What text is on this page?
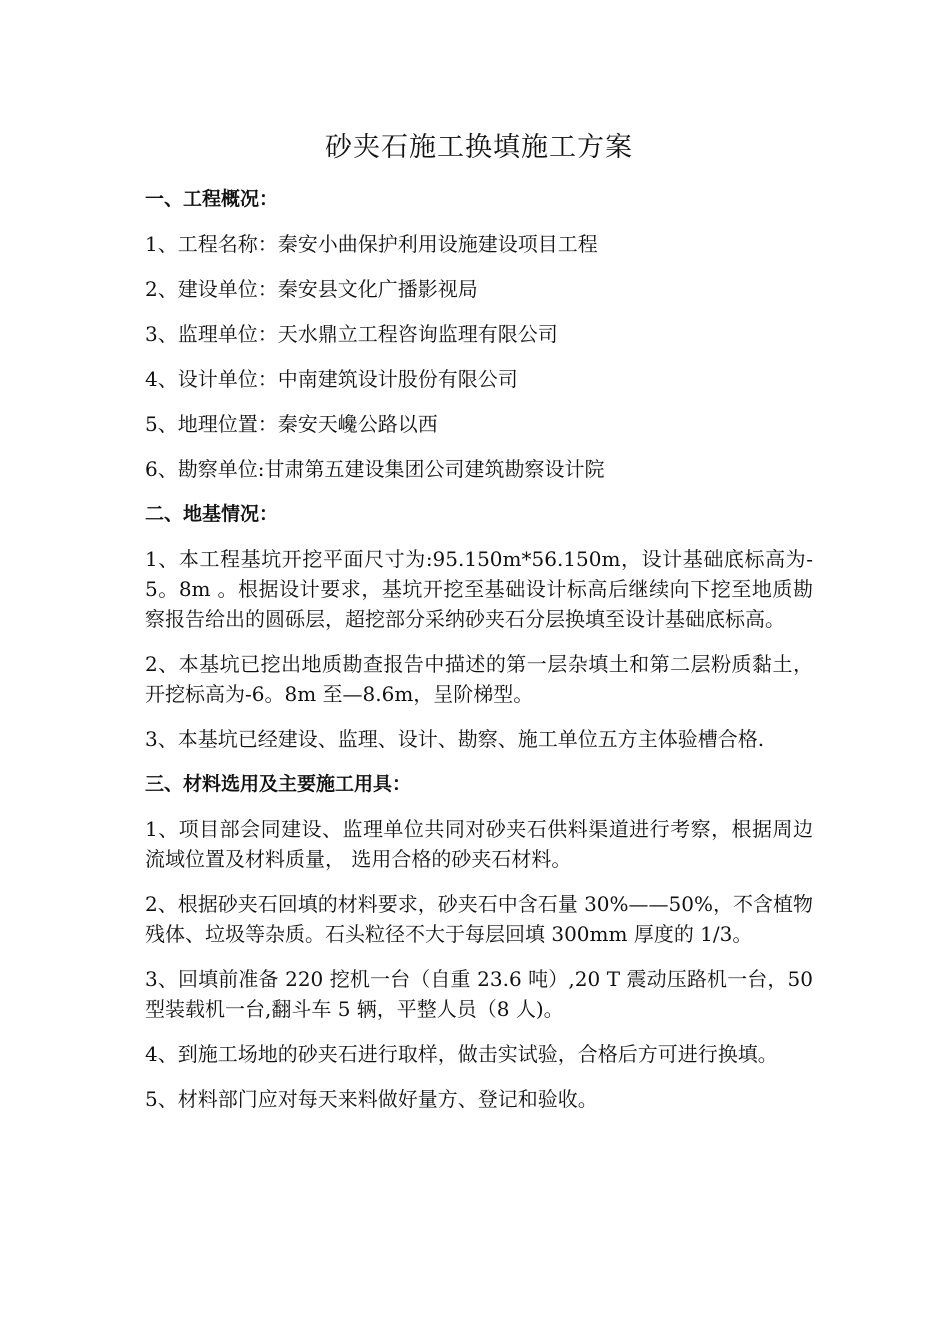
砂夹石施工换填施工方案
一、工程概况：
1、工程名称：秦安小曲保护利用设施建设项目工程
2、建设单位：秦安县文化广播影视局
3、监理单位：天水鼎立工程咨询监理有限公司
4、设计单位：中南建筑设计股份有限公司
5、地理位置：秦安天巉公路以西
6、勘察单位:甘肃第五建设集团公司建筑勘察设计院
二、地基情况：
1、本工程基坑开挖平面尺寸为:95.150m*56.150m，设计基础底标高为-5。8m 。根据设计要求，基坑开挖至基础设计标高后继续向下挖至地质勘察报告给出的圆砾层，超挖部分采纳砂夹石分层换填至设计基础底标高。
2、本基坑已挖出地质勘查报告中描述的第一层杂填土和第二层粉质黏土，开挖标高为-6。8m 至—8.6m，呈阶梯型。
3、本基坑已经建设、监理、设计、勘察、施工单位五方主体验槽合格.
三、材料选用及主要施工用具：
1、项目部会同建设、监理单位共同对砂夹石供料渠道进行考察，根据周边流域位置及材料质量， 选用合格的砂夹石材料。
2、根据砂夹石回填的材料要求，砂夹石中含石量 30%——50%，不含植物残体、垃圾等杂质。石头粒径不大于每层回填 300mm 厚度的 1/3。
3、回填前准备 220 挖机一台（自重 23.6 吨）,20 T 震动压路机一台，50 型装载机一台,翻斗车 5 辆，平整人员（8 人)。
4、到施工场地的砂夹石进行取样，做击实试验，合格后方可进行换填。
5、材料部门应对每天来料做好量方、登记和验收。
